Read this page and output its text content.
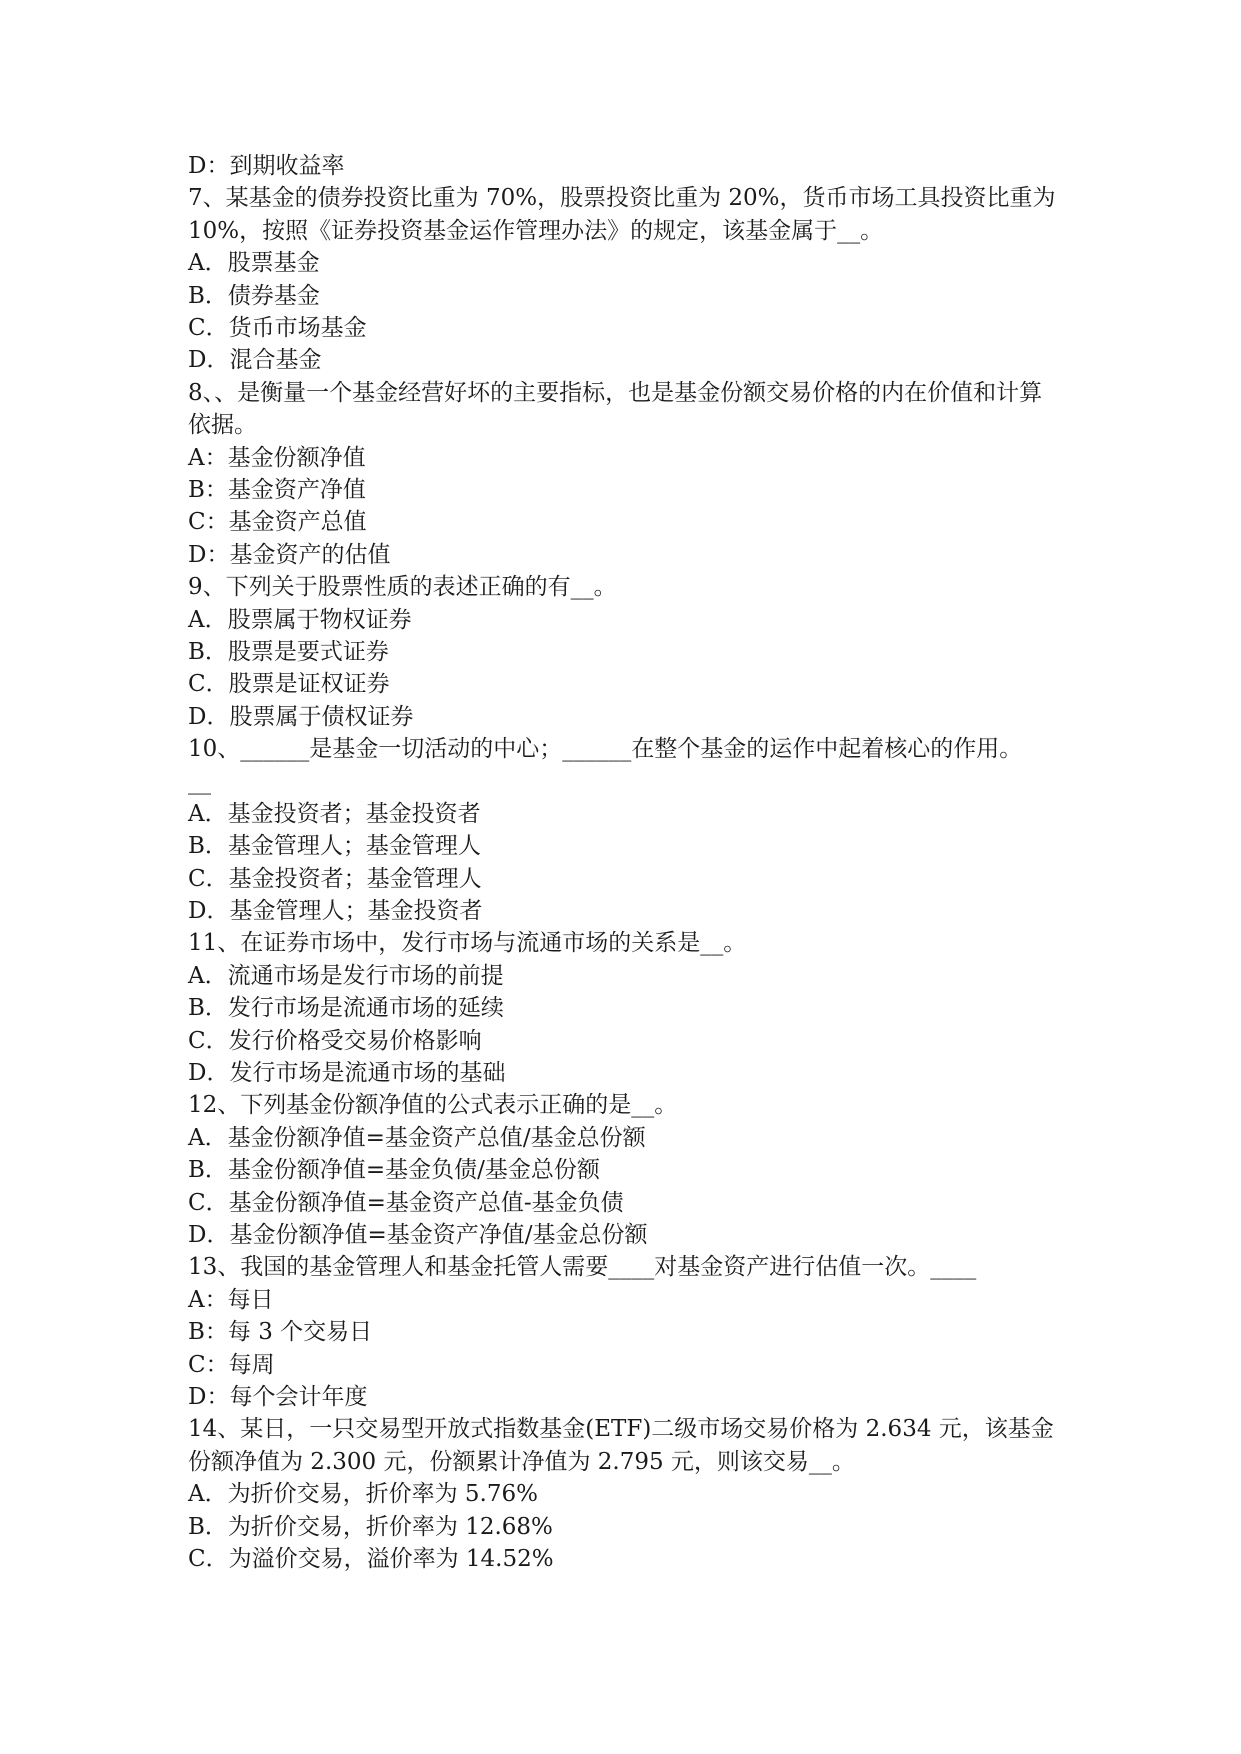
D：到期收益率
7、某基金的债券投资比重为 70%，股票投资比重为 20%，货币市场工具投资比重为 10%，按照《证券投资基金运作管理办法》的规定，该基金属于__。
A．股票基金
B．债券基金
C．货币市场基金
D．混合基金
8、、是衡量一个基金经营好坏的主要指标，也是基金份额交易价格的内在价值和计算依据。
A：基金份额净值
B：基金资产净值
C：基金资产总值
D：基金资产的估值
9、下列关于股票性质的表述正确的有__。
A．股票属于物权证券
B．股票是要式证券
C．股票是证权证券
D．股票属于债权证券
10、______是基金一切活动的中心；______在整个基金的运作中起着核心的作用。
__
A．基金投资者；基金投资者
B．基金管理人；基金管理人
C．基金投资者；基金管理人
D．基金管理人；基金投资者
11、在证券市场中，发行市场与流通市场的关系是__。
A．流通市场是发行市场的前提
B．发行市场是流通市场的延续
C．发行价格受交易价格影响
D．发行市场是流通市场的基础
12、下列基金份额净值的公式表示正确的是__。
A．基金份额净值=基金资产总值/基金总份额
B．基金份额净值=基金负债/基金总份额
C．基金份额净值=基金资产总值-基金负债
D．基金份额净值=基金资产净值/基金总份额
13、我国的基金管理人和基金托管人需要____对基金资产进行估值一次。____
A：每日
B：每 3 个交易日
C：每周
D：每个会计年度
14、某日，一只交易型开放式指数基金(ETF)二级市场交易价格为 2.634 元，该基金份额净值为 2.300 元，份额累计净值为 2.795 元，则该交易__。
A．为折价交易，折价率为 5.76%
B．为折价交易，折价率为 12.68%
C．为溢价交易，溢价率为 14.52%
